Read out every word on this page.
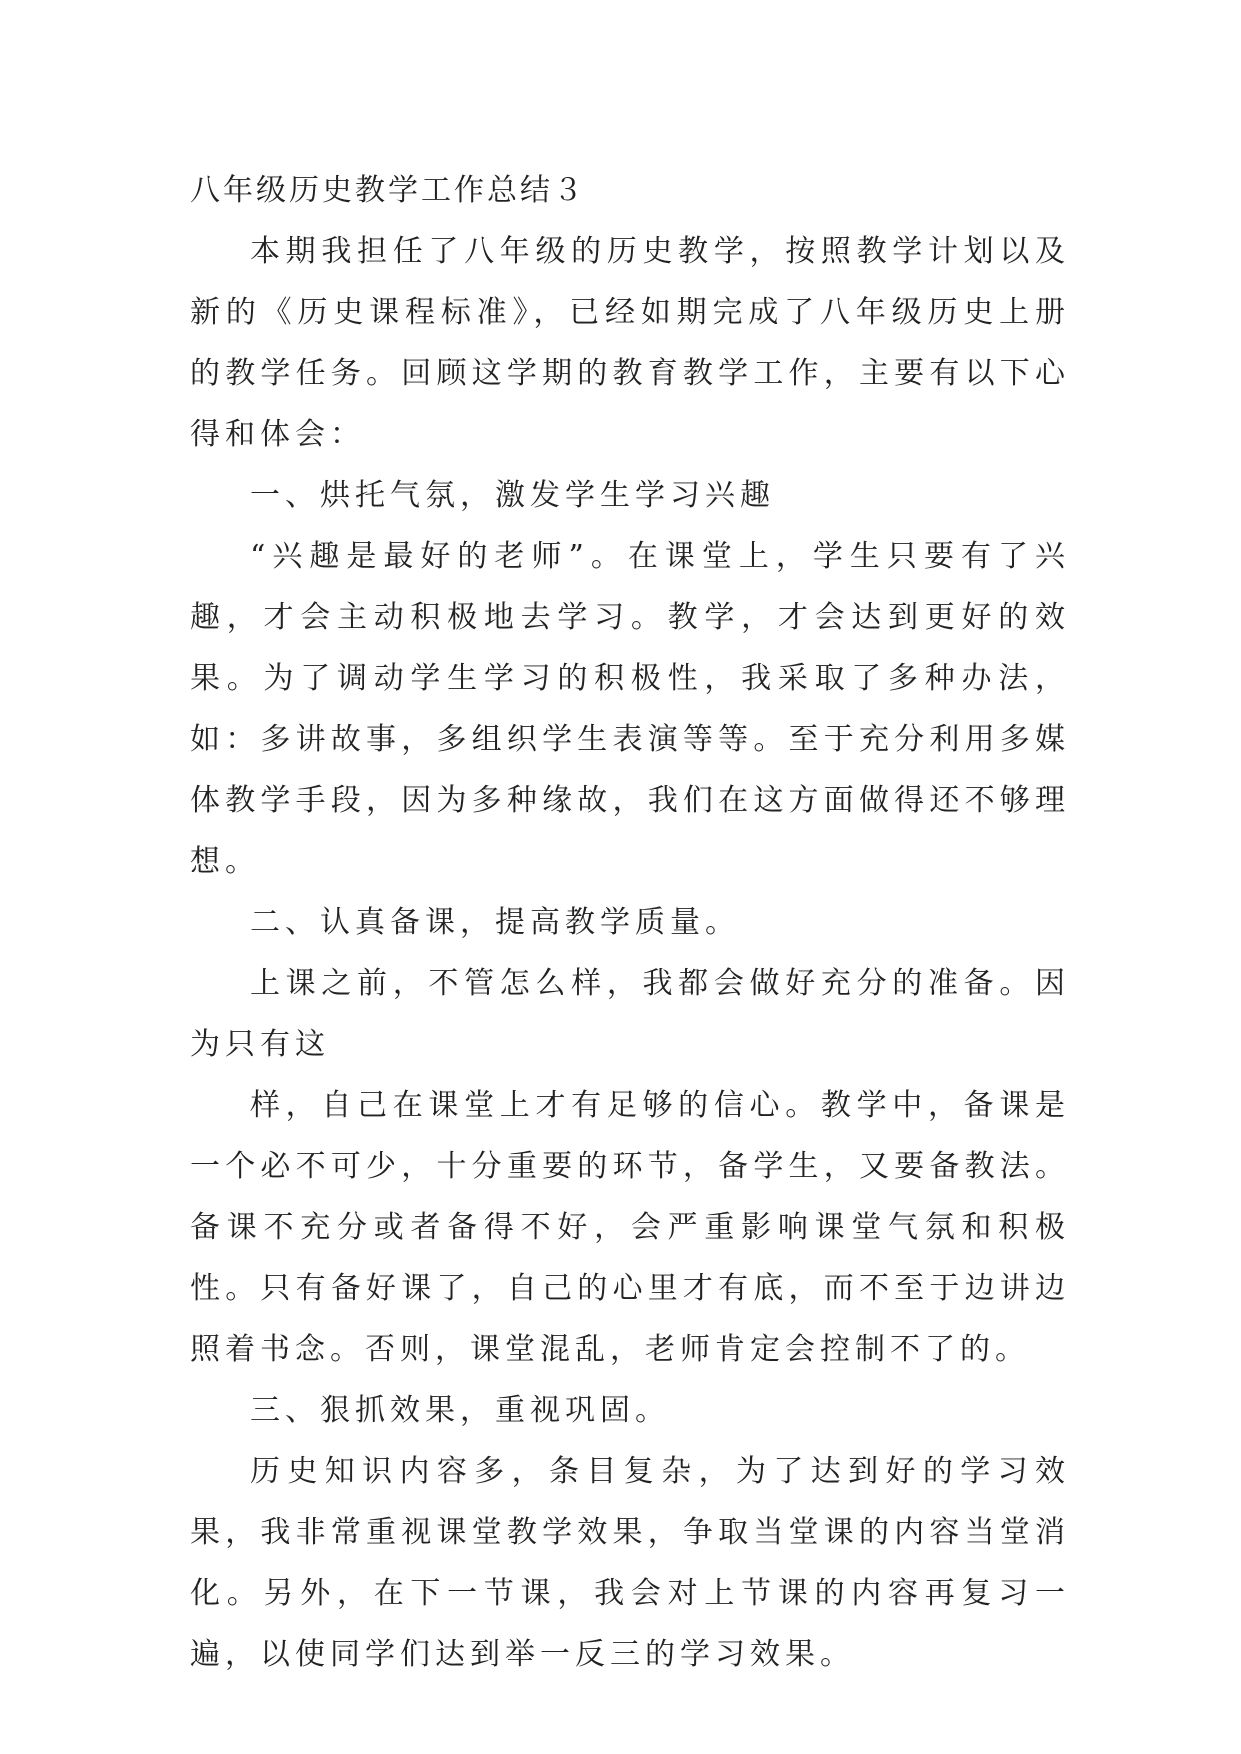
八年级历史教学工作总结３

本期我担任了八年级的历史教学，按照教学计划以及新的《历史课程标准》，已经如期完成了八年级历史上册的教学任务。回顾这学期的教育教学工作，主要有以下心得和体会：

一、烘托气氛，激发学生学习兴趣

“兴趣是最好的老师”。在课堂上，学生只要有了兴趣，才会主动积极地去学习。教学，才会达到更好的效果。为了调动学生学习的积极性，我采取了多种办法，如：多讲故事，多组织学生表演等等。至于充分利用多媒体教学手段，因为多种缘故，我们在这方面做得还不够理想。

二、认真备课，提高教学质量。

上课之前，不管怎么样，我都会做好充分的准备。因为只有这

样，自己在课堂上才有足够的信心。教学中，备课是一个必不可少，十分重要的环节，备学生，又要备教法。备课不充分或者备得不好，会严重影响课堂气氛和积极性。只有备好课了，自己的心里才有底，而不至于边讲边照着书念。否则，课堂混乱，老师肯定会控制不了的。

三、狠抓效果，重视巩固。

历史知识内容多，条目复杂，为了达到好的学习效果，我非常重视课堂教学效果，争取当堂课的内容当堂消化。另外，在下一节课，我会对上节课的内容再复习一遍，以使同学们达到举一反三的学习效果。
